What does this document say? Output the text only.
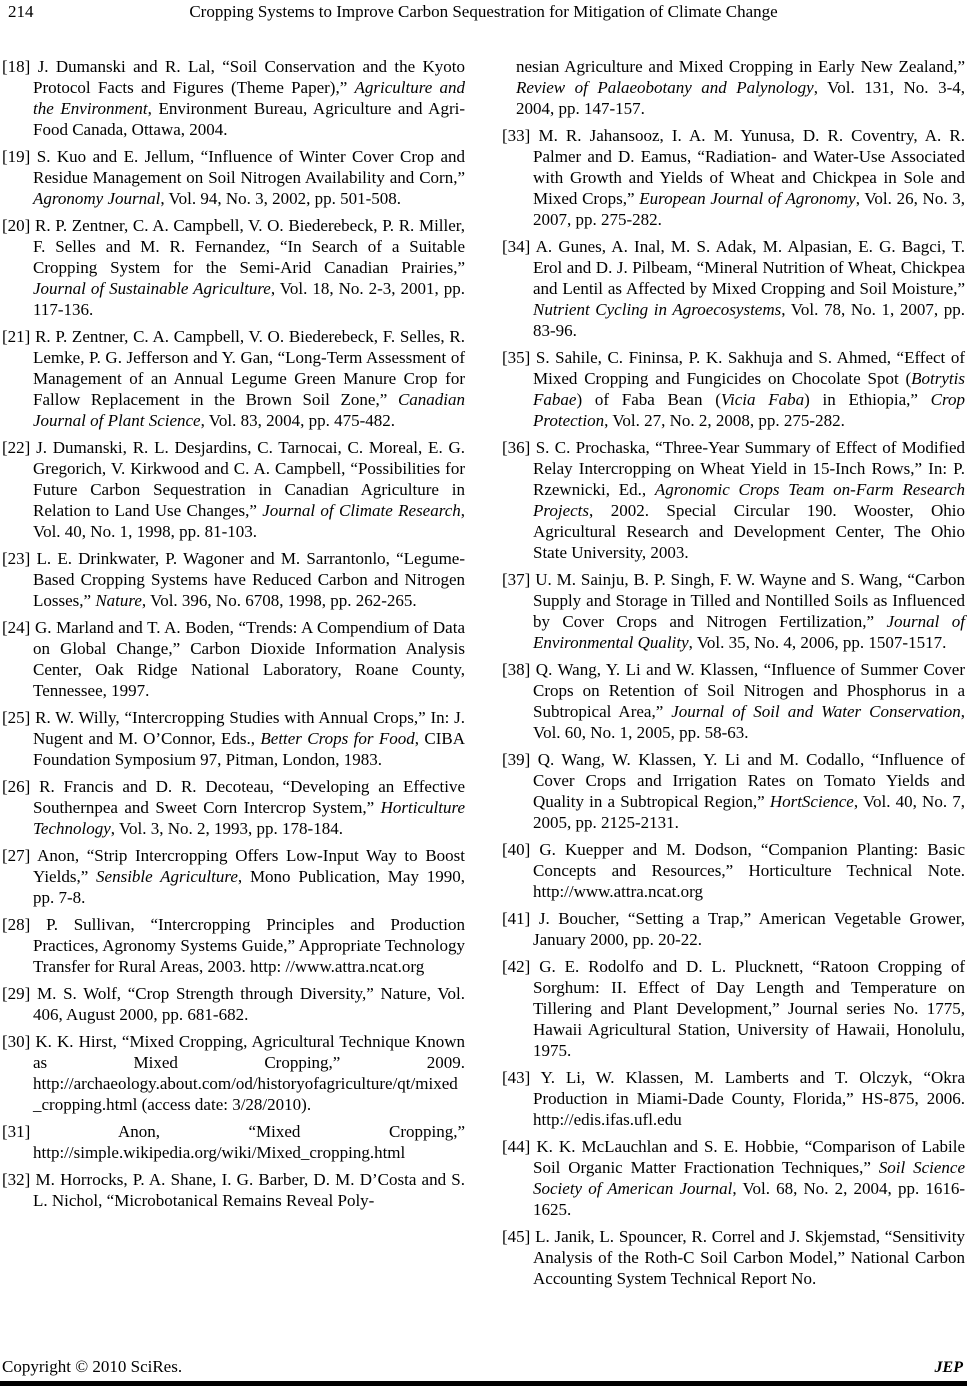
214	Cropping Systems to Improve Carbon Sequestration for Mitigation of Climate Change

[18] J. Dumanski and R. Lal, “Soil Conservation and the Kyoto Protocol Facts and Figures (Theme Paper),” Agriculture and the Environment, Environment Bureau, Agriculture and Agri-Food Canada, Ottawa, 2004.

[19] S. Kuo and E. Jellum, “Influence of Winter Cover Crop and Residue Management on Soil Nitrogen Availability and Corn,” Agronomy Journal, Vol. 94, No. 3, 2002, pp. 501-508.

[20] R. P. Zentner, C. A. Campbell, V. O. Biederebeck, P. R. Miller, F. Selles and M. R. Fernandez, “In Search of a Suitable Cropping System for the Semi-Arid Canadian Prairies,” Journal of Sustainable Agriculture, Vol. 18, No. 2-3, 2001, pp. 117-136.

[21] R. P. Zentner, C. A. Campbell, V. O. Biederebeck, F. Selles, R. Lemke, P. G. Jefferson and Y. Gan, “Long-Term Assessment of Management of an Annual Legume Green Manure Crop for Fallow Replacement in the Brown Soil Zone,” Canadian Journal of Plant Science, Vol. 83, 2004, pp. 475-482.

[22] J. Dumanski, R. L. Desjardins, C. Tarnocai, C. Moreal, E. G. Gregorich, V. Kirkwood and C. A. Campbell, “Possibilities for Future Carbon Sequestration in Canadian Agriculture in Relation to Land Use Changes,” Journal of Climate Research, Vol. 40, No. 1, 1998, pp. 81-103.

[23] L. E. Drinkwater, P. Wagoner and M. Sarrantonlo, “Legume-Based Cropping Systems have Reduced Carbon and Nitrogen Losses,” Nature, Vol. 396, No. 6708, 1998, pp. 262-265.

[24] G. Marland and T. A. Boden, “Trends: A Compendium of Data on Global Change,” Carbon Dioxide Information Analysis Center, Oak Ridge National Laboratory, Roane County, Tennessee, 1997.

[25] R. W. Willy, “Intercropping Studies with Annual Crops,” In: J. Nugent and M. O’Connor, Eds., Better Crops for Food, CIBA Foundation Symposium 97, Pitman, London, 1983.

[26] R. Francis and D. R. Decoteau, “Developing an Effective Southernpea and Sweet Corn Intercrop System,” Horticulture Technology, Vol. 3, No. 2, 1993, pp. 178-184.

[27] Anon, “Strip Intercropping Offers Low-Input Way to Boost Yields,” Sensible Agriculture, Mono Publication, May 1990, pp. 7-8.

[28] P. Sullivan, “Intercropping Principles and Production Practices, Agronomy Systems Guide,” Appropriate Technology Transfer for Rural Areas, 2003. http: //www.attra.ncat.org

[29] M. S. Wolf, “Crop Strength through Diversity,” Nature, Vol. 406, August 2000, pp. 681-682.

[30] K. K. Hirst, “Mixed Cropping, Agricultural Technique Known as Mixed Cropping,” 2009. http://archaeology.about.com/od/historyofagriculture/qt/mixed_cropping.html (access date: 3/28/2010).

[31]	Anon, “Mixed Cropping,” http://simple.wikipedia.org/wiki/Mixed_cropping.html

[32] M. Horrocks, P. A. Shane, I. G. Barber, D. M. D’Costa and S. L. Nichol, “Microbotanical Remains Reveal Poly-

nesian Agriculture and Mixed Cropping in Early New Zealand,” Review of Palaeobotany and Palynology, Vol. 131, No. 3-4, 2004, pp. 147-157.

[33] M. R. Jahansooz, I. A. M. Yunusa, D. R. Coventry, A. R. Palmer and D. Eamus, “Radiation- and Water-Use Associated with Growth and Yields of Wheat and Chickpea in Sole and Mixed Crops,” European Journal of Agronomy, Vol. 26, No. 3, 2007, pp. 275-282.

[34] A. Gunes, A. Inal, M. S. Adak, M. Alpasian, E. G. Bagci, T. Erol and D. J. Pilbeam, “Mineral Nutrition of Wheat, Chickpea and Lentil as Affected by Mixed Cropping and Soil Moisture,” Nutrient Cycling in Agroecosystems, Vol. 78, No. 1, 2007, pp. 83-96.

[35] S. Sahile, C. Fininsa, P. K. Sakhuja and S. Ahmed, “Effect of Mixed Cropping and Fungicides on Chocolate Spot (Botrytis Fabae) of Faba Bean (Vicia Faba) in Ethiopia,” Crop Protection, Vol. 27, No. 2, 2008, pp. 275-282.

[36] S. C. Prochaska, “Three-Year Summary of Effect of Modified Relay Intercropping on Wheat Yield in 15-Inch Rows,” In: P. Rzewnicki, Ed., Agronomic Crops Team on-Farm Research Projects, 2002. Special Circular 190. Wooster, Ohio Agricultural Research and Development Center, The Ohio State University, 2003.

[37] U. M. Sainju, B. P. Singh, F. W. Wayne and S. Wang, “Carbon Supply and Storage in Tilled and Nontilled Soils as Influenced by Cover Crops and Nitrogen Fertilization,” Journal of Environmental Quality, Vol. 35, No. 4, 2006, pp. 1507-1517.

[38] Q. Wang, Y. Li and W. Klassen, “Influence of Summer Cover Crops on Retention of Soil Nitrogen and Phosphorus in a Subtropical Area,” Journal of Soil and Water Conservation, Vol. 60, No. 1, 2005, pp. 58-63.

[39] Q. Wang, W. Klassen, Y. Li and M. Codallo, “Influence of Cover Crops and Irrigation Rates on Tomato Yields and Quality in a Subtropical Region,” HortScience, Vol. 40, No. 7, 2005, pp. 2125-2131.

[40] G. Kuepper and M. Dodson, “Companion Planting: Basic Concepts and Resources,” Horticulture Technical Note. http://www.attra.ncat.org

[41] J. Boucher, “Setting a Trap,” American Vegetable Grower, January 2000, pp. 20-22.

[42] G. E. Rodolfo and D. L. Plucknett, “Ratoon Cropping of Sorghum: II. Effect of Day Length and Temperature on Tillering and Plant Development,” Journal series No. 1775, Hawaii Agricultural Station, University of Hawaii, Honolulu, 1975.

[43] Y. Li, W. Klassen, M. Lamberts and T. Olczyk, “Okra Production in Miami-Dade County, Florida,” HS-875, 2006. http://edis.ifas.ufl.edu

[44] K. K. McLauchlan and S. E. Hobbie, “Comparison of Labile Soil Organic Matter Fractionation Techniques,” Soil Science Society of American Journal, Vol. 68, No. 2, 2004, pp. 1616-1625.

[45] L. Janik, L. Spouncer, R. Correl and J. Skjemstad, “Sensitivity Analysis of the Roth-C Soil Carbon Model,” National Carbon Accounting System Technical Report No.

Copyright © 2010 SciRes.	JEP
